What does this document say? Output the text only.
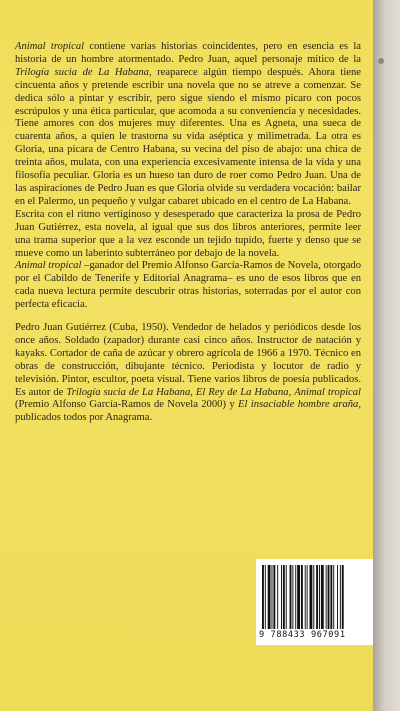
Animal tropical contiene varias historias coincidentes, pero en esencia es la historia de un hombre atormentado. Pedro Juan, aquel personaje mítico de la Trilogía sucia de La Habana, reaparece algún tiempo después. Ahora tiene cincuenta años y pretende escribir una novela que no se atreve a comenzar. Se dedica sólo a pintar y escribir, pero sigue siendo el mismo pícaro con pocos escrúpulos y una ética particular, que acomoda a su conveniencia y necesidades. Tiene amores con dos mujeres muy diferentes. Una es Agneta, una sueca de cuarenta años, a quien le trastorna su vida aséptica y milimetrada. La otra es Gloria, una pícara de Centro Habana, su vecina del piso de abajo: una chica de treinta años, mulata, con una experiencia excesivamente intensa de la vida y una filosofía peculiar. Gloria es un hueso tan duro de roer como Pedro Juan. Una de las aspiraciones de Pedro Juan es que Gloria olvide su verdadera vocación: bailar en el Palermo, un pequeño y vulgar cabaret ubicado en el centro de La Habana.

Escrita con el ritmo vertiginoso y desesperado que caracteriza la prosa de Pedro Juan Gutiérrez, esta novela, al igual que sus dos libros anteriores, permite leer una trama superior que a la vez esconde un tejido tupido, fuerte y denso que se mueve como un laberinto subterráneo por debajo de la novela.

Animal tropical –ganador del Premio Alfonso García-Ramos de Novela, otorgado por el Cabildo de Tenerife y Editorial Anagrama– es uno de esos libros que en cada nueva lectura permite descubrir otras historias, soterradas por el autor con perfecta eficacia.

Pedro Juan Gutiérrez (Cuba, 1950). Vendedor de helados y periódicos desde los once años. Soldado (zapador) durante casi cinco años. Instructor de natación y kayaks. Cortador de caña de azúcar y obrero agrícola de 1966 a 1970. Técnico en obras de construcción, dibujante técnico. Periodista y locutor de radio y televisión. Pintor, escultor, poeta visual. Tiene varios libros de poesía publicados. Es autor de Trilogía sucia de La Habana, El Rey de La Habana, Animal tropical (Premio Alfonso García-Ramos de Novela 2000) y El insaciable hombre araña, publicados todos por Anagrama.

9 788433 967091
